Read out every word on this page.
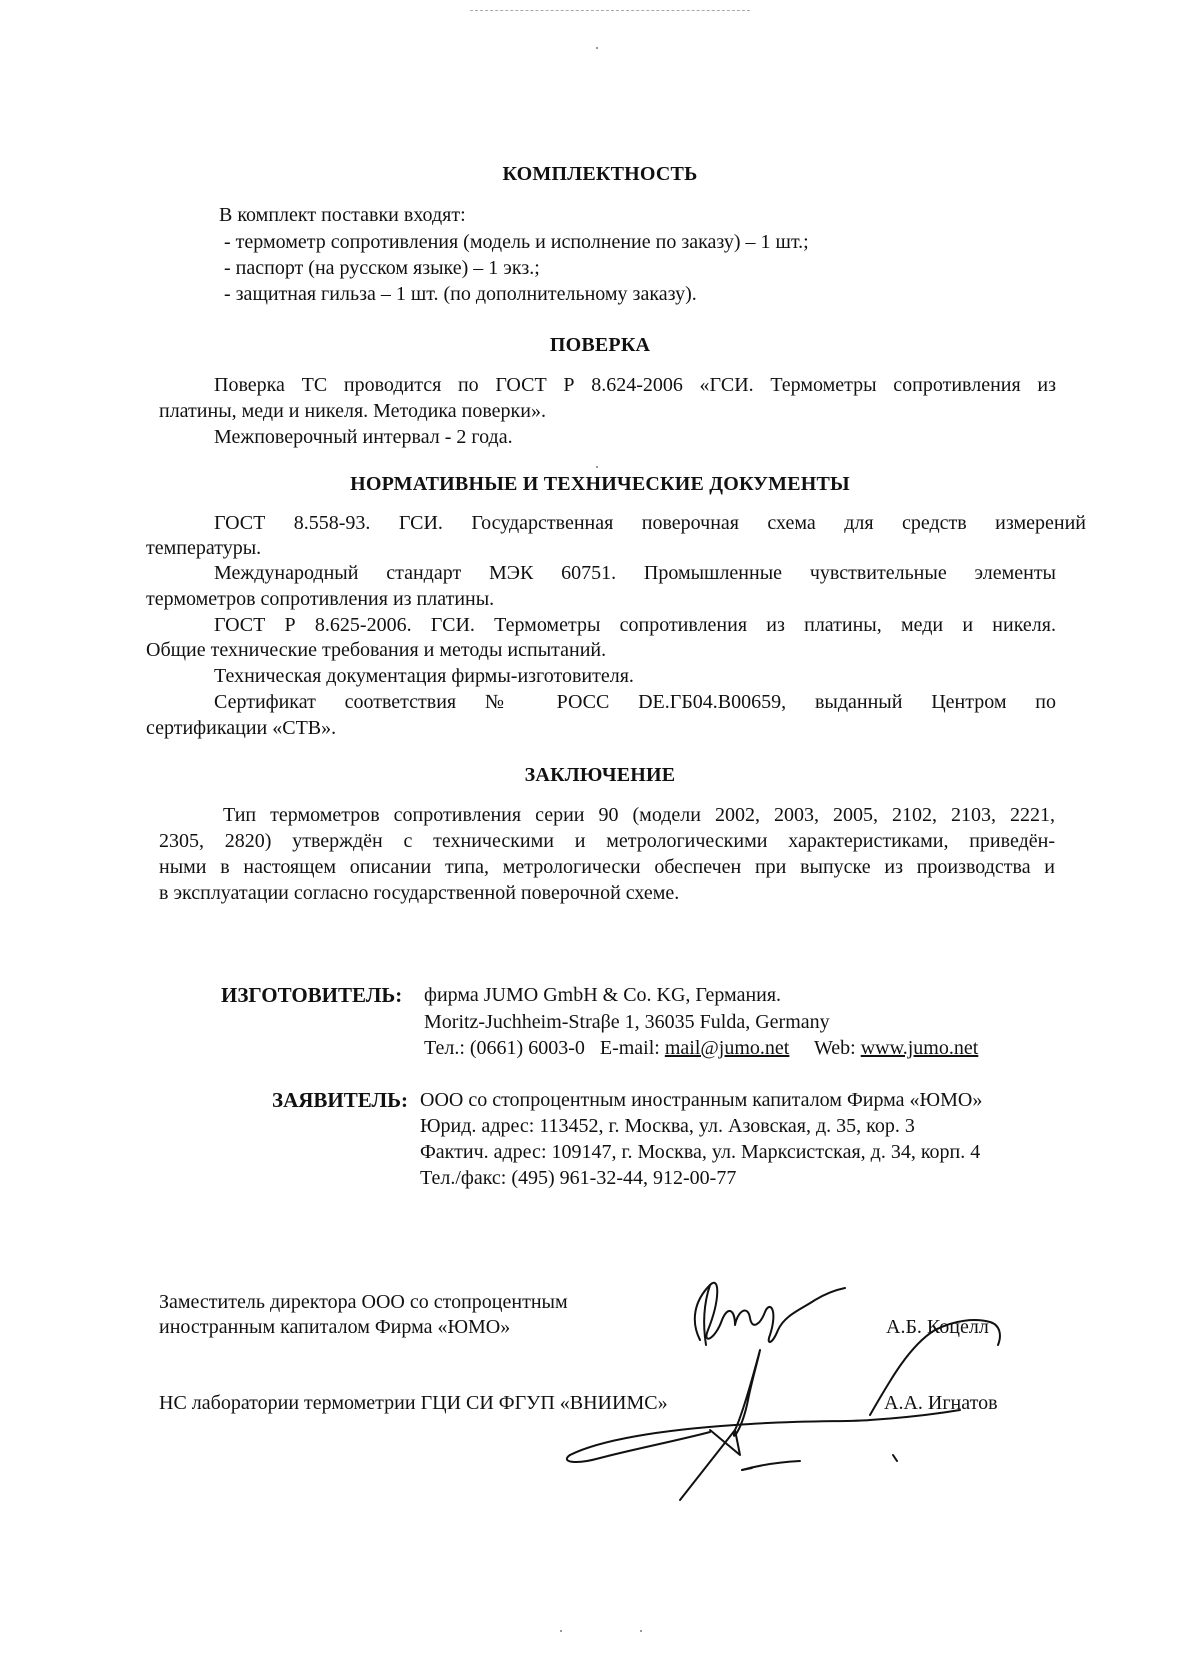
КОМПЛЕКТНОСТЬ
В комплект поставки входят:
- термометр сопротивления (модель и исполнение по заказу) – 1 шт.;
- паспорт (на русском языке) – 1 экз.;
- защитная гильза – 1 шт. (по дополнительному заказу).
ПОВЕРКА
Поверка ТС проводится по ГОСТ Р 8.624-2006 «ГСИ. Термометры сопротивления из
платины, меди и никеля. Методика поверки».
Межповерочный интервал - 2 года.
НОРМАТИВНЫЕ И ТЕХНИЧЕСКИЕ ДОКУМЕНТЫ
ГОСТ 8.558-93. ГСИ. Государственная поверочная схема для средств измерений
температуры.
Международный стандарт МЭК 60751. Промышленные чувствительные элементы
термометров сопротивления из платины.
ГОСТ Р 8.625-2006. ГСИ. Термометры сопротивления из платины, меди и никеля.
Общие технические требования и методы испытаний.
Техническая документация фирмы-изготовителя.
Сертификат соответствия № РОСС DE.ГБ04.В00659, выданный Центром по
сертификации «СТВ».
ЗАКЛЮЧЕНИЕ
Тип термометров сопротивления серии 90 (модели 2002, 2003, 2005, 2102, 2103, 2221,
2305, 2820) утверждён с техническими и метрологическими характеристиками, приведён-
ными в настоящем описании типа, метрологически обеспечен при выпуске из производства и
в эксплуатации согласно государственной поверочной схеме.
ИЗГОТОВИТЕЛЬ: фирма JUMO GmbH & Co. KG, Германия.
Moritz-Juchheim-Straβe 1, 36035 Fulda, Germany
Тел.: (0661) 6003-0 E-mail: mail@jumo.net Web: www.jumo.net
ЗАЯВИТЕЛЬ: ООО со стопроцентным иностранным капиталом Фирма «ЮМО»
Юрид. адрес: 113452, г. Москва, ул. Азовская, д. 35, кор. 3
Фактич. адрес: 109147, г. Москва, ул. Марксистская, д. 34, корп. 4
Тел./факс: (495) 961-32-44, 912-00-77
Заместитель директора ООО со стопроцентным
иностранным капиталом Фирма «ЮМО»	А.Б. Коцелл
НС лаборатории термометрии ГЦИ СИ ФГУП «ВНИИМС»	А.А. Игнатов
